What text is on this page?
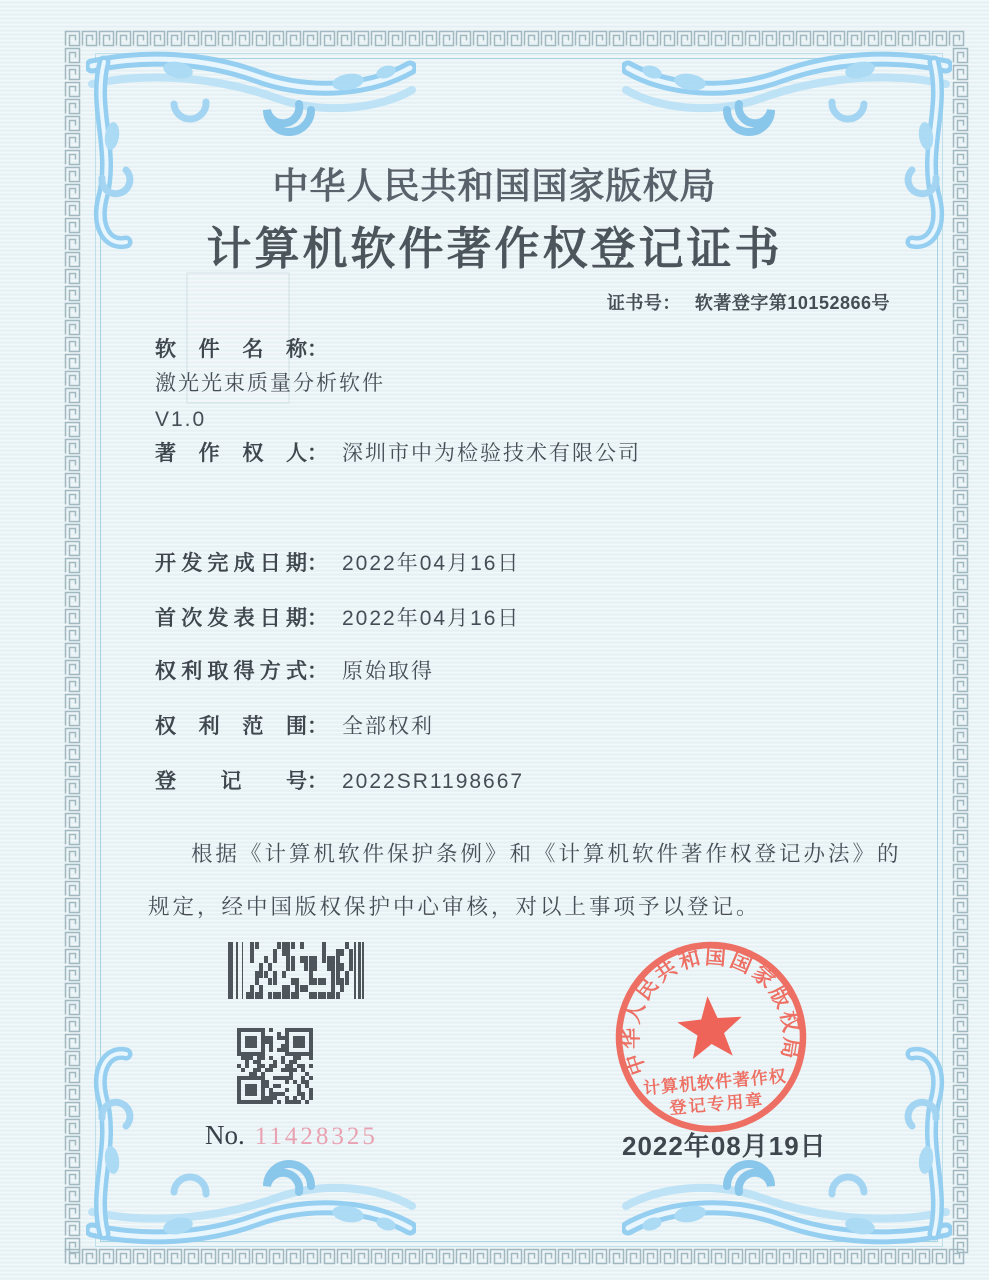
中华人民共和国国家版权局
计算机软件著作权登记证书
证书号： 软著登字第10152866号
软件名称：
激光光束质量分析软件
V1.0
著作权人： 深圳市中为检验技术有限公司
开发完成日期： 2022年04月16日
首次发表日期： 2022年04月16日
权利取得方式： 原始取得
权利范围： 全部权利
登记号： 2022SR1198667
根据《计算机软件保护条例》和《计算机软件著作权登记办法》的
规定，经中国版权保护中心审核，对以上事项予以登记。
No. 11428325
中华人民共和国国家版权局
计算机软件著作权
登记专用章
2022年08月19日
